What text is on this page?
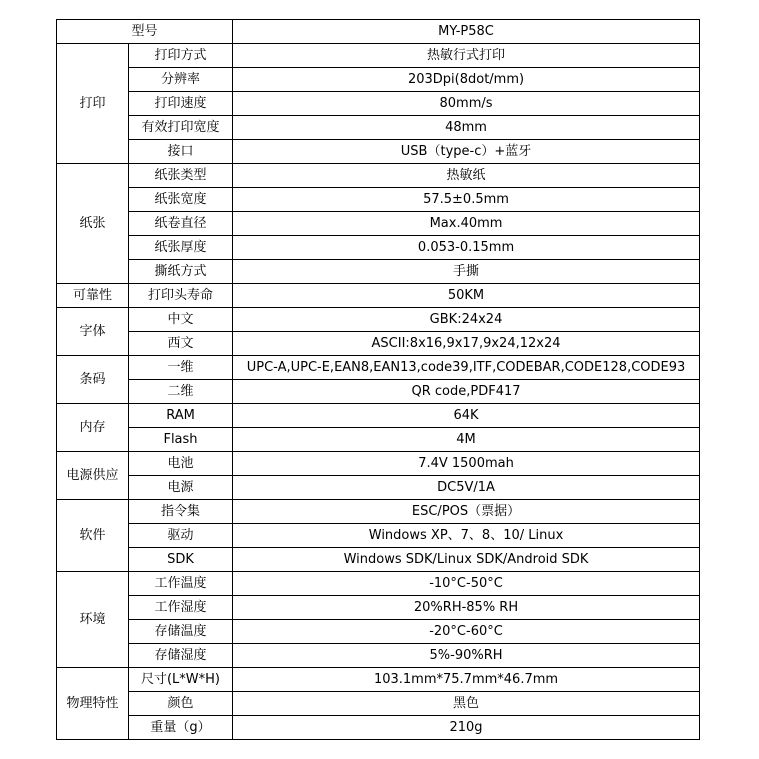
型号		MY-P58C
打印	打印方式	热敏行式打印
	分辨率	203Dpi(8dot/mm)
	打印速度	80mm/s
	有效打印宽度	48mm
	接口	USB（type-c）+蓝牙
纸张	纸张类型	热敏纸
	纸张宽度	57.5±0.5mm
	纸卷直径	Max.40mm
	纸张厚度	0.053-0.15mm
	撕纸方式	手撕
可靠性	打印头寿命	50KM
字体	中文	GBK:24x24
	西文	ASCII:8x16,9x17,9x24,12x24
条码	一维	UPC-A,UPC-E,EAN8,EAN13,code39,ITF,CODEBAR,CODE128,CODE93
	二维	QR code,PDF417
内存	RAM	64K
	Flash	4M
电源供应	电池	7.4V 1500mah
	电源	DC5V/1A
软件	指令集	ESC/POS（票据）
	驱动	Windows XP、7、8、10/ Linux
	SDK	Windows SDK/Linux SDK/Android SDK
环境	工作温度	-10°C-50°C
	工作湿度	20%RH-85% RH
	存储温度	-20°C-60°C
	存储湿度	5%-90%RH
物理特性	尺寸(L*W*H)	103.1mm*75.7mm*46.7mm
	颜色	黑色
	重量（g）	210g
